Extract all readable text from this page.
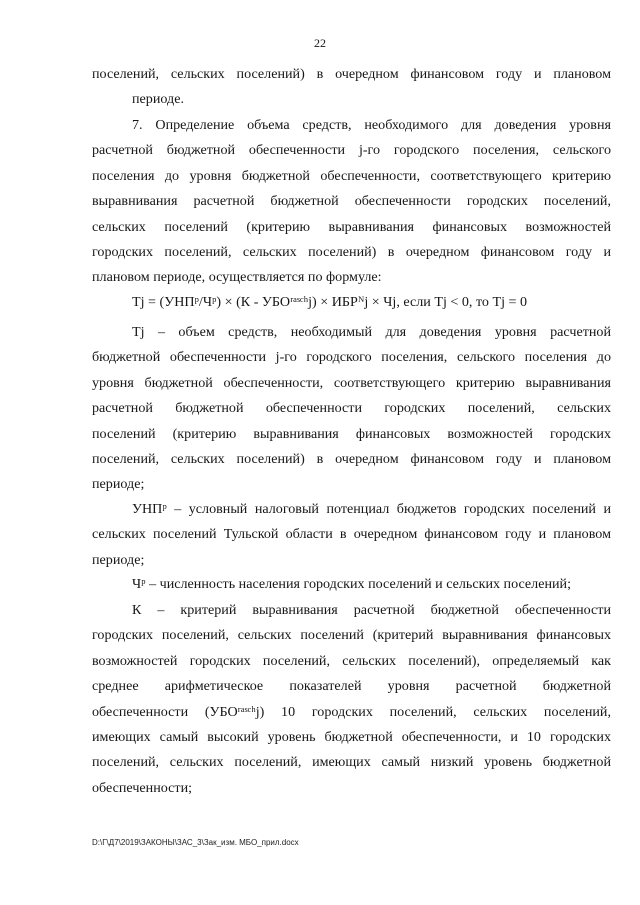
22
поселений, сельских поселений) в очередном финансовом году и плановом
периоде.
7. Определение объема средств, необходимого для доведения уровня
расчетной бюджетной обеспеченности j-го городского поселения, сельского
поселения до уровня бюджетной обеспеченности, соответствующего критерию
выравнивания расчетной бюджетной обеспеченности городских поселений,
сельских поселений (критерию выравнивания финансовых возможностей
городских поселений, сельских поселений) в очередном финансовом году и
плановом периоде, осуществляется по формуле:
Tj = (УНПᵖ/Чᵖ) × (К - УБОʳᵃˢᶜʰj) × ИБРᴺj × Чj, если Tj < 0, то Tj = 0
Tj – объем средств, необходимый для доведения уровня расчетной
бюджетной обеспеченности j-го городского поселения, сельского поселения до
уровня бюджетной обеспеченности, соответствующего критерию выравнивания
расчетной бюджетной обеспеченности городских поселений, сельских
поселений (критерию выравнивания финансовых возможностей городских
поселений, сельских поселений) в очередном финансовом году и плановом
периоде;
УНПᵖ – условный налоговый потенциал бюджетов городских поселений и
сельских поселений Тульской области в очередном финансовом году и плановом
периоде;
Чᵖ – численность населения городских поселений и сельских поселений;
К – критерий выравнивания расчетной бюджетной обеспеченности
городских поселений, сельских поселений (критерий выравнивания финансовых
возможностей городских поселений, сельских поселений), определяемый как
среднее арифметическое показателей уровня расчетной бюджетной
обеспеченности (УБОʳᵃˢᶜʰj) 10 городских поселений, сельских поселений,
имеющих самый высокий уровень бюджетной обеспеченности, и 10 городских
поселений, сельских поселений, имеющих самый низкий уровень бюджетной
обеспеченности;
D:\Г\Д7\2019\ЗАКОНЫ\ЗАС_3\Зак_изм. МБО_прил.docx
